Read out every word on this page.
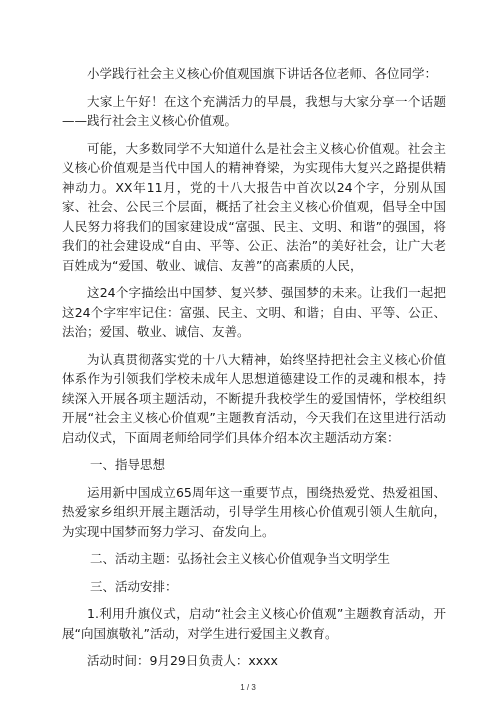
小学践行社会主义核心价值观国旗下讲话各位老师、各位同学：

大家上午好！在这个充满活力的早晨，我想与大家分享一个话题——践行社会主义核心价值观。

可能，大多数同学不大知道什么是社会主义核心价值观。社会主义核心价值观是当代中国人的精神脊梁，为实现伟大复兴之路提供精神动力。XX年11月，党的十八大报告中首次以24个字，分别从国家、社会、公民三个层面，概括了社会主义核心价值观，倡导全中国人民努力将我们的国家建设成“富强、民主、文明、和谐”的强国，将我们的社会建设成“自由、平等、公正、法治”的美好社会，让广大老百姓成为“爱国、敬业、诚信、友善”的高素质的人民，

这24个字描绘出中国梦、复兴梦、强国梦的未来。让我们一起把这24个字牢牢记住：富强、民主、文明、和谐；自由、平等、公正、法治；爱国、敬业、诚信、友善。

为认真贯彻落实党的十八大精神，始终坚持把社会主义核心价值体系作为引领我们学校未成年人思想道德建设工作的灵魂和根本，持续深入开展各项主题活动，不断提升我校学生的爱国情怀，学校组织开展“社会主义核心价值观”主题教育活动，今天我们在这里进行活动启动仪式，下面周老师给同学们具体介绍本次主题活动方案：

一、指导思想

运用新中国成立65周年这一重要节点，围绕热爱党、热爱祖国、热爱家乡组织开展主题活动，引导学生用核心价值观引领人生航向，为实现中国梦而努力学习、奋发向上。

二、活动主题：弘扬社会主义核心价值观争当文明学生

三、活动安排：

1.利用升旗仪式，启动“社会主义核心价值观”主题教育活动，开展“向国旗敬礼”活动，对学生进行爱国主义教育。

活动时间：9月29日负责人：xxxx

1 / 3
